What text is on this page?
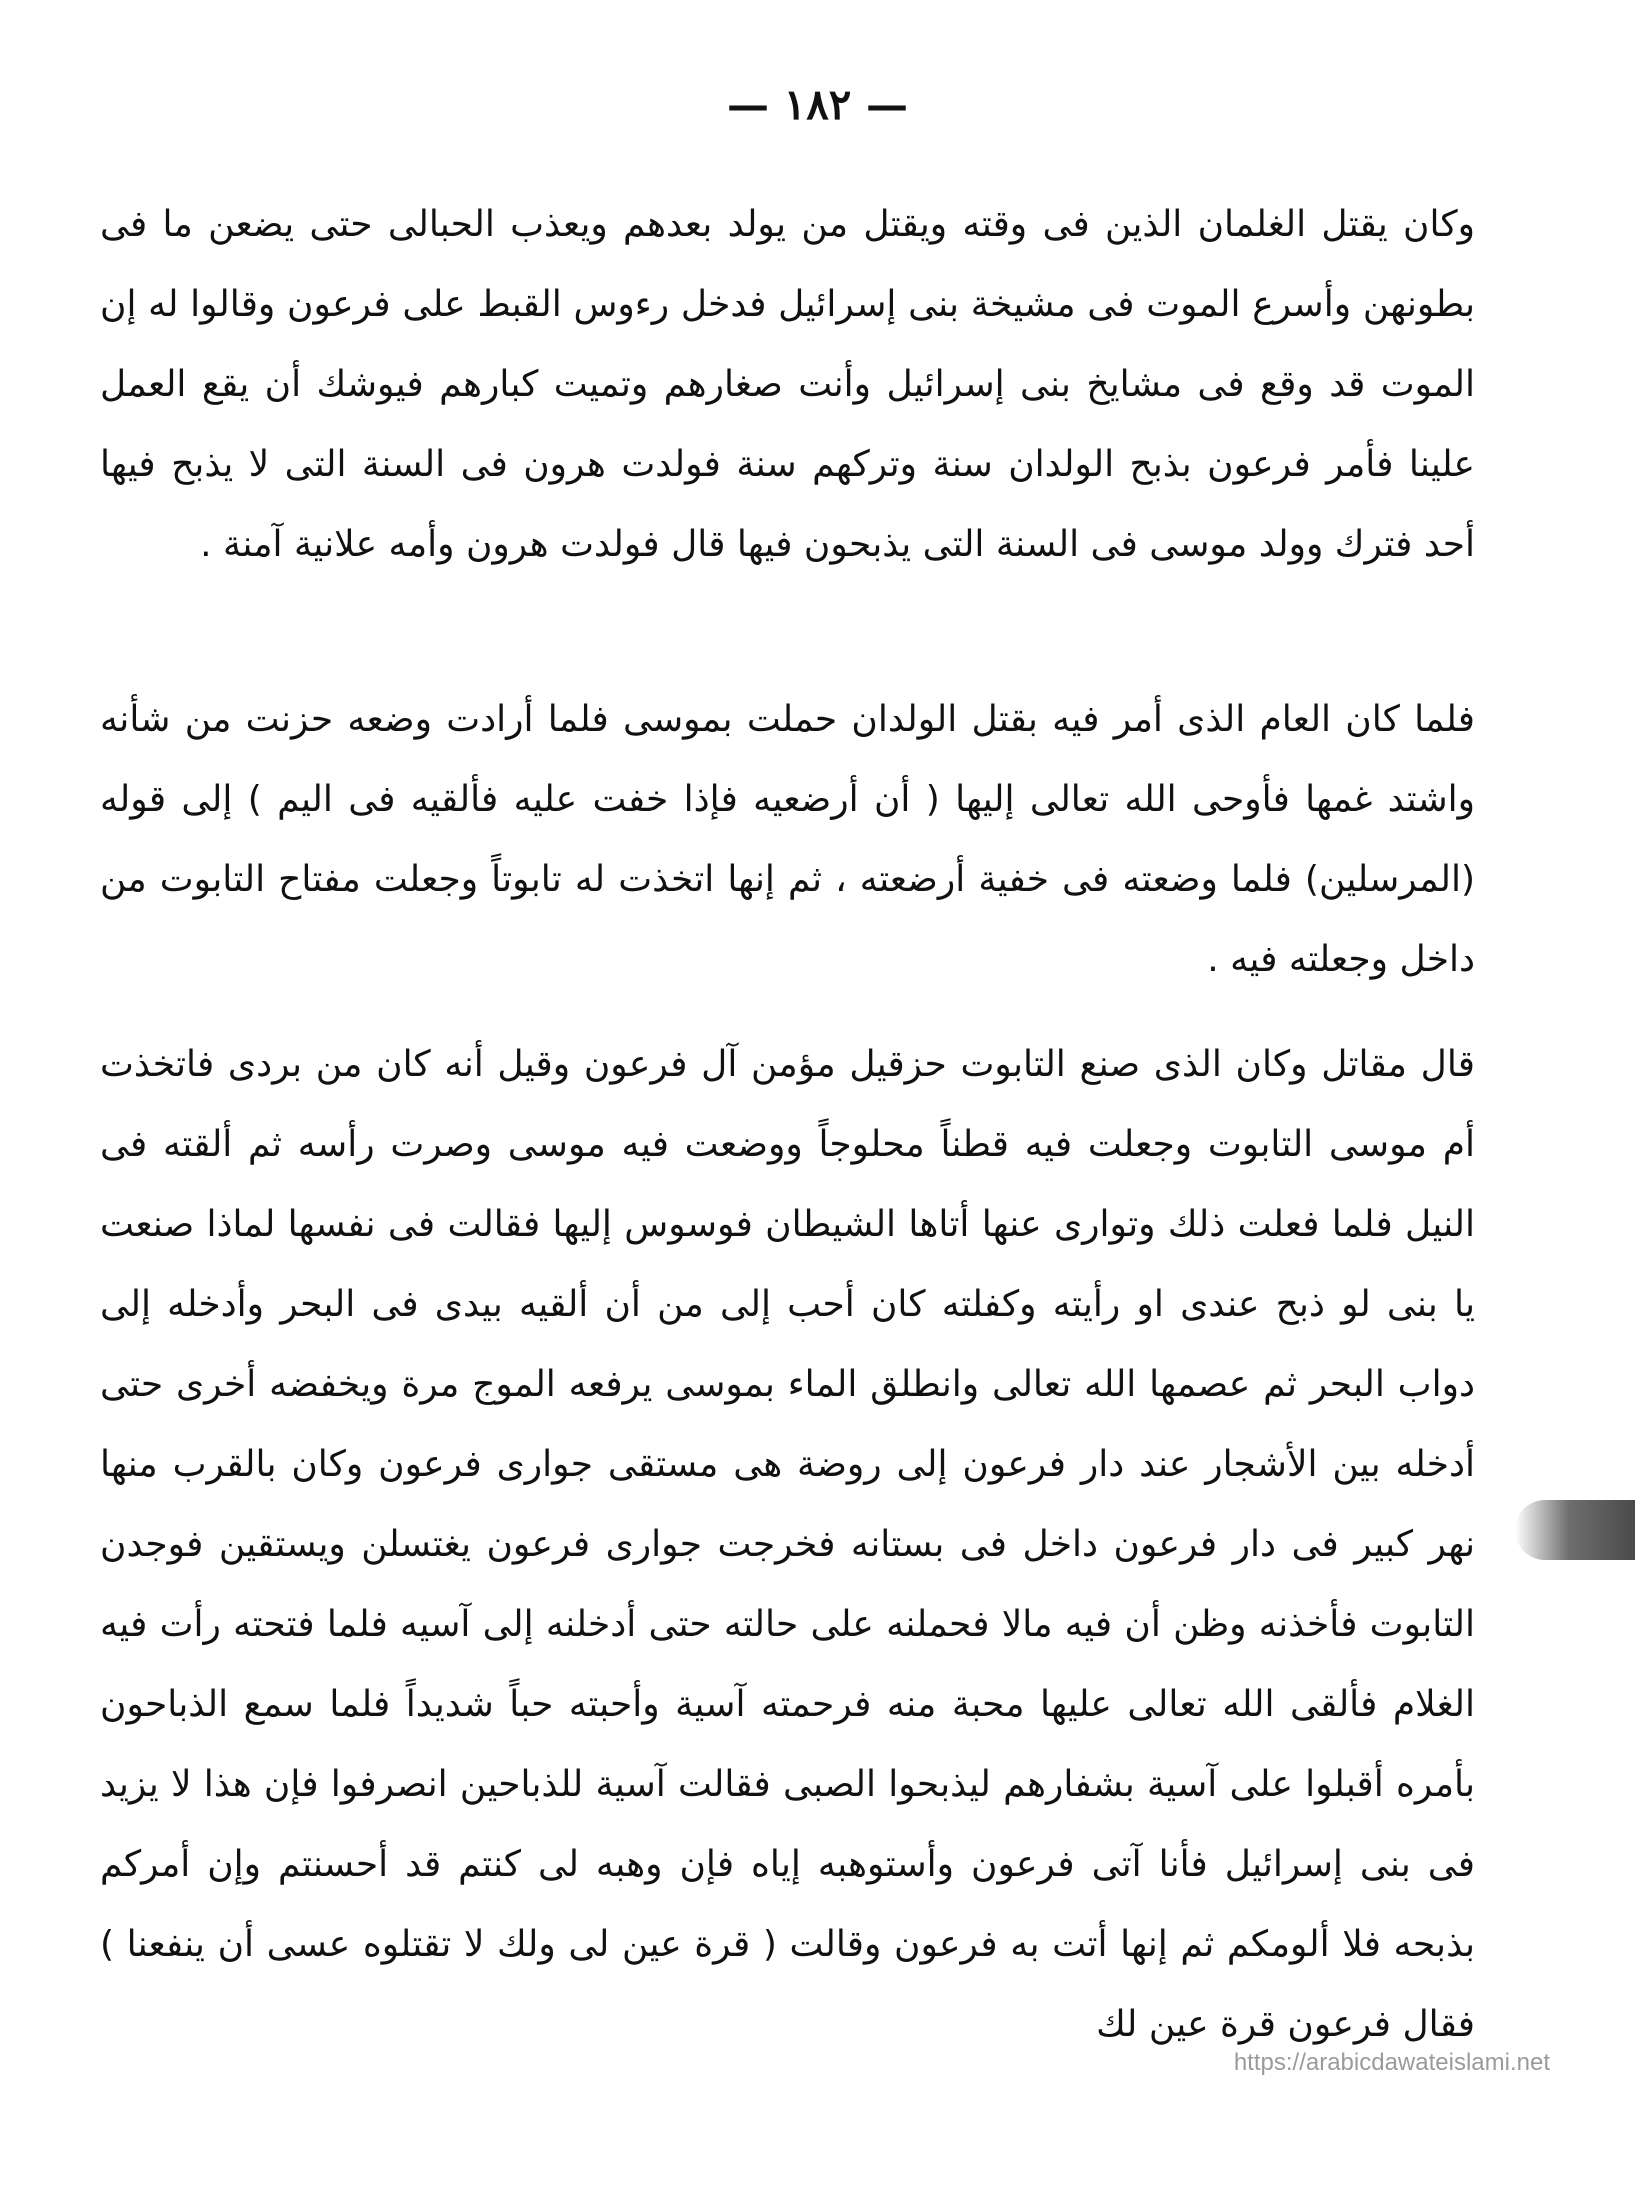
— ١٨٢ —

وكان يقتل الغلمان الذين فى وقته ويقتل من يولد بعدهم ويعذب الحبالى حتى يضعن ما فى بطونهن وأسرع الموت فى مشيخة بنى إسرائيل فدخل رءوس القبط على فرعون وقالوا له إن الموت قد وقع فى مشايخ بنى إسرائيل وأنت صغارهم وتميت كبارهم فيوشك أن يقع العمل علينا فأمر فرعون بذبح الولدان سنة وتركهم سنة فولدت هرون فى السنة التى لا يذبح فيها أحد فترك وولد موسى فى السنة التى يذبحون فيها قال فولدت هرون وأمه علانية آمنة .

فلما كان العام الذى أمر فيه بقتل الولدان حملت بموسى فلما أرادت وضعه حزنت من شأنه واشتد غمها فأوحى الله تعالى إليها ( أن أرضعيه فإذا خفت عليه فألقيه فى اليم ) إلى قوله (المرسلين) فلما وضعته فى خفية أرضعته ، ثم إنها اتخذت له تابوتاً وجعلت مفتاح التابوت من داخل وجعلته فيه .

قال مقاتل وكان الذى صنع التابوت حزقيل مؤمن آل فرعون وقيل أنه كان من بردى فاتخذت أم موسى التابوت وجعلت فيه قطناً محلوجاً ووضعت فيه موسى وصرت رأسه ثم ألقته فى النيل فلما فعلت ذلك وتوارى عنها أتاها الشيطان فوسوس إليها فقالت فى نفسها لماذا صنعت يا بنى لو ذبح عندى او رأيته وكفلته كان أحب إلى من أن ألقيه بيدى فى البحر وأدخله إلى دواب البحر ثم عصمها الله تعالى وانطلق الماء بموسى يرفعه الموج مرة ويخفضه أخرى حتى أدخله بين الأشجار عند دار فرعون إلى روضة هى مستقى جوارى فرعون وكان بالقرب منها نهر كبير فى دار فرعون داخل فى بستانه فخرجت جوارى فرعون يغتسلن ويستقين فوجدن التابوت فأخذنه وظن أن فيه مالا فحملنه على حالته حتى أدخلنه إلى آسيه فلما فتحته رأت فيه الغلام فألقى الله تعالى عليها محبة منه فرحمته آسية وأحبته حباً شديداً فلما سمع الذباحون بأمره أقبلوا على آسية بشفارهم ليذبحوا الصبى فقالت آسية للذباحين انصرفوا فإن هذا لا يزيد فى بنى إسرائيل فأنا آتى فرعون وأستوهبه إياه فإن وهبه لى كنتم قد أحسنتم وإن أمركم بذبحه فلا ألومكم ثم إنها أتت به فرعون وقالت ( قرة عين لى ولك لا تقتلوه عسى أن ينفعنا ) فقال فرعون قرة عين لك

https://arabicdawateislami.net
